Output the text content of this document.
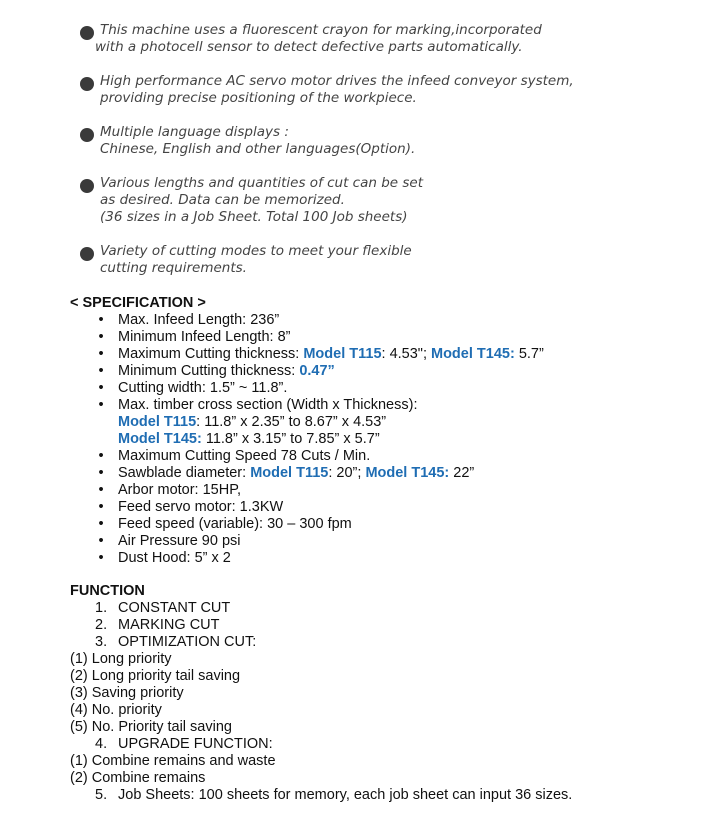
This machine uses a fluorescent crayon for marking,incorporated
with a photocell sensor to detect defective parts automatically.
High performance AC servo motor drives the infeed conveyor system,
providing precise positioning of the workpiece.
Multiple language displays :
Chinese, English and other languages(Option).
Various lengths and quantities of cut can be set
as desired. Data can be memorized.
(36 sizes in a Job Sheet. Total 100 Job sheets)
Variety of cutting modes to meet your flexible
cutting requirements.
< SPECIFICATION >
• Max. Infeed Length: 236”
• Minimum Infeed Length: 8”
• Maximum Cutting thickness: Model T115: 4.53"; Model T145: 5.7”
• Minimum Cutting thickness: 0.47”
• Cutting width: 1.5” ~ 11.8”.
• Max. timber cross section (Width x Thickness):
Model T115: 11.8” x 2.35” to 8.67” x 4.53”
Model T145: 11.8” x 3.15” to 7.85” x 5.7”
• Maximum Cutting Speed 78 Cuts / Min.
• Sawblade diameter: Model T115: 20”; Model T145: 22”
• Arbor motor: 15HP,
• Feed servo motor: 1.3KW
• Feed speed (variable): 30 – 300 fpm
• Air Pressure 90 psi
• Dust Hood: 5” x 2
FUNCTION
1. CONSTANT CUT
2. MARKING CUT
3. OPTIMIZATION CUT:
(1) Long priority
(2) Long priority tail saving
(3) Saving priority
(4) No. priority
(5) No. Priority tail saving
4. UPGRADE FUNCTION:
(1) Combine remains and waste
(2) Combine remains
5. Job Sheets: 100 sheets for memory, each job sheet can input 36 sizes.
